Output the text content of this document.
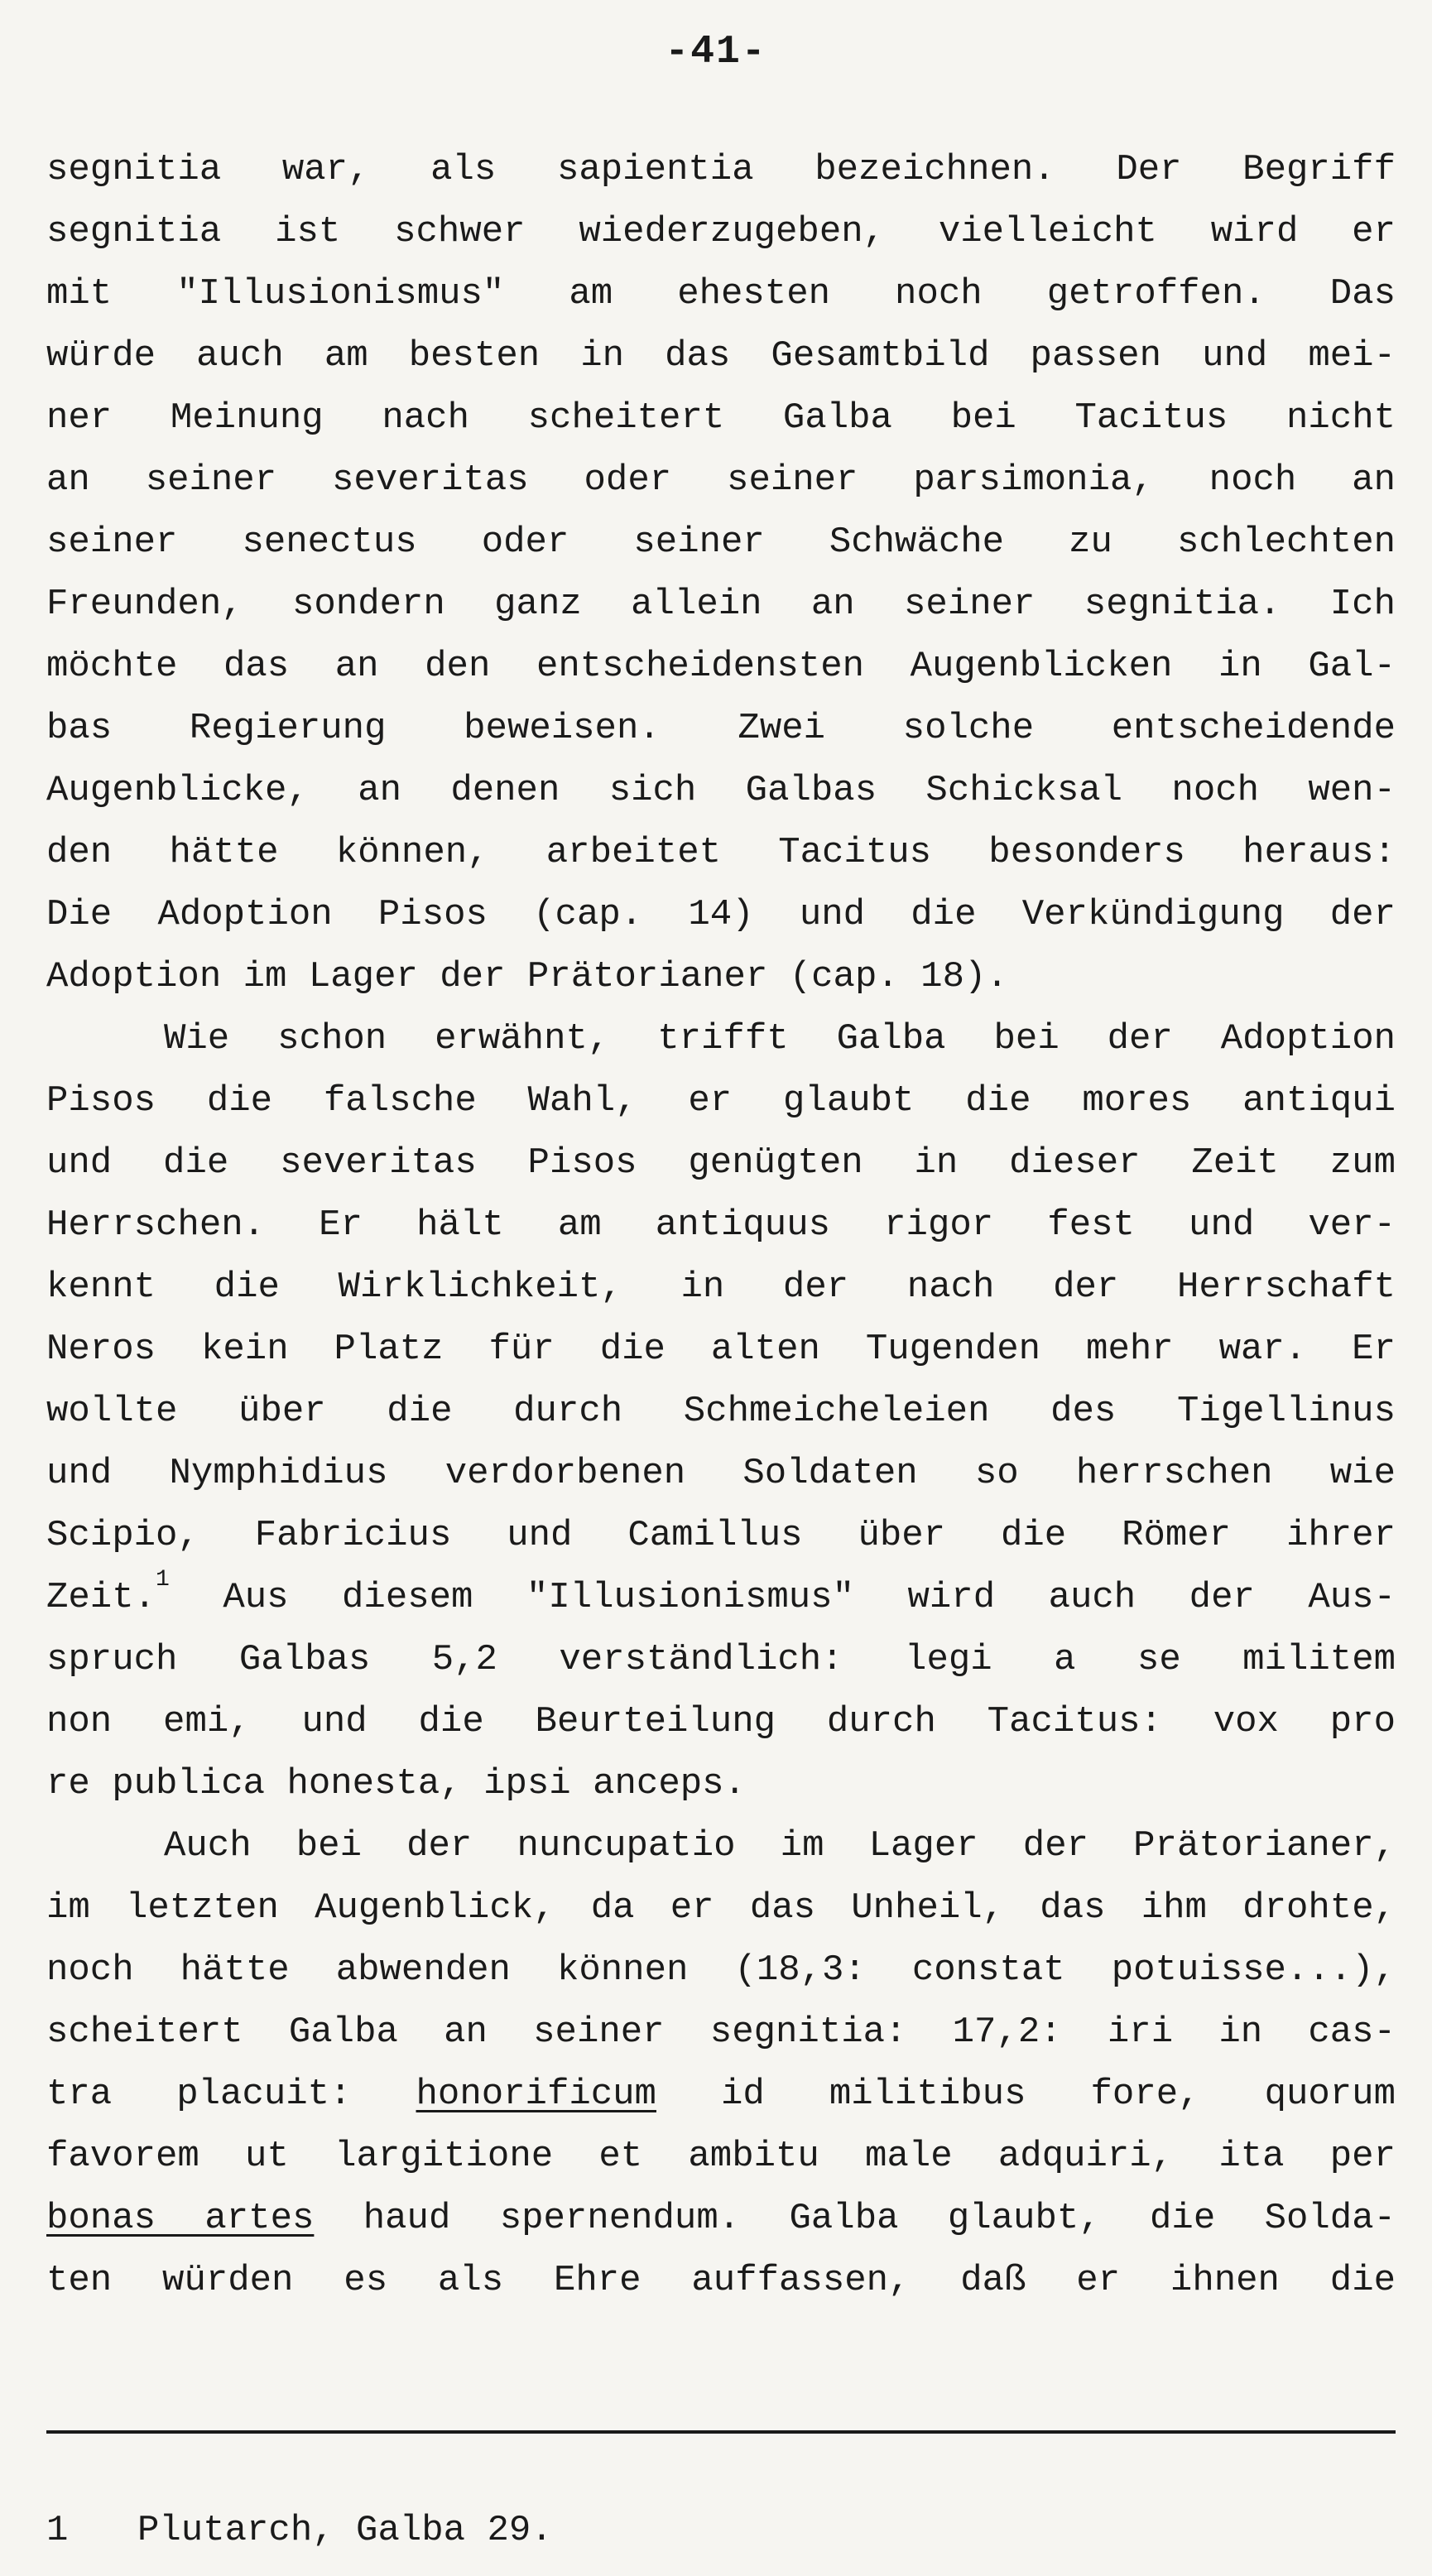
-41-
segnitia war, als sapientia bezeichnen. Der Begriff
segnitia ist schwer wiederzugeben, vielleicht wird er
mit "Illusionismus" am ehesten noch getroffen. Das
würde auch am besten in das Gesamtbild passen und mei-
ner Meinung nach scheitert Galba bei Tacitus nicht
an seiner severitas oder seiner parsimonia, noch an
seiner senectus oder seiner Schwäche zu schlechten
Freunden, sondern ganz allein an seiner segnitia. Ich
möchte das an den entscheidensten Augenblicken in Gal-
bas Regierung beweisen. Zwei solche entscheidende
Augenblicke, an denen sich Galbas Schicksal noch wen-
den hätte können, arbeitet Tacitus besonders heraus:
Die Adoption Pisos (cap. 14) und die Verkündigung der
Adoption im Lager der Prätorianer (cap. 18).
Wie schon erwähnt, trifft Galba bei der Adoption
Pisos die falsche Wahl, er glaubt die mores antiqui
und die severitas Pisos genügten in dieser Zeit zum
Herrschen. Er hält am antiquus rigor fest und ver-
kennt die Wirklichkeit, in der nach der Herrschaft
Neros kein Platz für die alten Tugenden mehr war. Er
wollte über die durch Schmeicheleien des Tigellinus
und Nymphidius verdorbenen Soldaten so herrschen wie
Scipio, Fabricius und Camillus über die Römer ihrer
Zeit.$^1$ Aus diesem "Illusionismus" wird auch der Aus-
spruch Galbas 5,2 verständlich: legi a se militem
non emi, und die Beurteilung durch Tacitus: vox pro
re publica honesta, ipsi anceps.
Auch bei der nuncupatio im Lager der Prätorianer,
im letzten Augenblick, da er das Unheil, das ihm drohte,
noch hätte abwenden können (18,3: constat potuisse...),
scheitert Galba an seiner segnitia: 17,2: iri in cas-
tra placuit: honorificum id militibus fore, quorum
favorem ut largitione et ambitu male adquiri, ita per
bonas artes haud spernendum. Galba glaubt, die Solda-
ten würden es als Ehre auffassen, daß er ihnen die
1 Plutarch, Galba 29.
